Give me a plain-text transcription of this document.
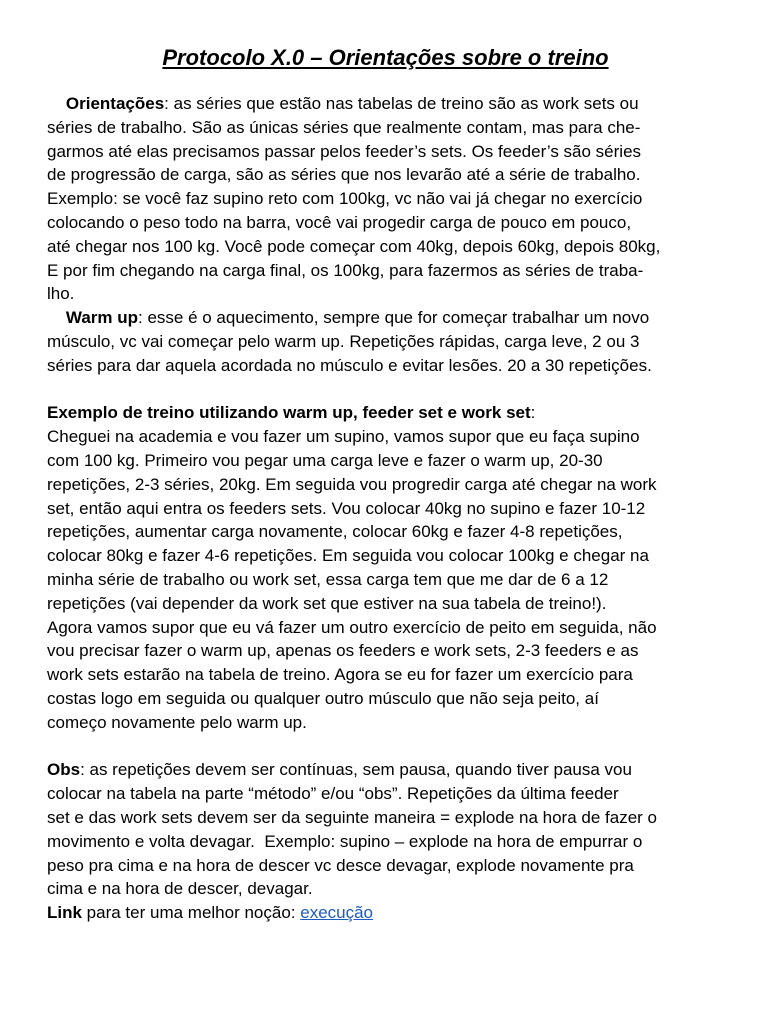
Protocolo X.0 – Orientações sobre o treino
Orientações: as séries que estão nas tabelas de treino são as work sets ou
séries de trabalho. São as únicas séries que realmente contam, mas para che-
garmos até elas precisamos passar pelos feeder’s sets. Os feeder’s são séries
de progressão de carga, são as séries que nos levarão até a série de trabalho.
Exemplo: se você faz supino reto com 100kg, vc não vai já chegar no exercício
colocando o peso todo na barra, você vai progedir carga de pouco em pouco,
até chegar nos 100 kg. Você pode começar com 40kg, depois 60kg, depois 80kg,
E por fim chegando na carga final, os 100kg, para fazermos as séries de traba-
lho.
Warm up: esse é o aquecimento, sempre que for começar trabalhar um novo
músculo, vc vai começar pelo warm up. Repetições rápidas, carga leve, 2 ou 3
séries para dar aquela acordada no músculo e evitar lesões. 20 a 30 repetições.
Exemplo de treino utilizando warm up, feeder set e work set:
Cheguei na academia e vou fazer um supino, vamos supor que eu faça supino
com 100 kg. Primeiro vou pegar uma carga leve e fazer o warm up, 20-30
repetições, 2-3 séries, 20kg. Em seguida vou progredir carga até chegar na work
set, então aqui entra os feeders sets. Vou colocar 40kg no supino e fazer 10-12
repetições, aumentar carga novamente, colocar 60kg e fazer 4-8 repetições,
colocar 80kg e fazer 4-6 repetições. Em seguida vou colocar 100kg e chegar na
minha série de trabalho ou work set, essa carga tem que me dar de 6 a 12
repetições (vai depender da work set que estiver na sua tabela de treino!).
Agora vamos supor que eu vá fazer um outro exercício de peito em seguida, não
vou precisar fazer o warm up, apenas os feeders e work sets, 2-3 feeders e as
work sets estarão na tabela de treino. Agora se eu for fazer um exercício para
costas logo em seguida ou qualquer outro músculo que não seja peito, aí
começo novamente pelo warm up.
Obs: as repetições devem ser contínuas, sem pausa, quando tiver pausa vou
colocar na tabela na parte “método” e/ou “obs”. Repetições da última feeder
set e das work sets devem ser da seguinte maneira = explode na hora de fazer o
movimento e volta devagar.  Exemplo: supino – explode na hora de empurrar o
peso pra cima e na hora de descer vc desce devagar, explode novamente pra
cima e na hora de descer, devagar.
Link para ter uma melhor noção: execução
